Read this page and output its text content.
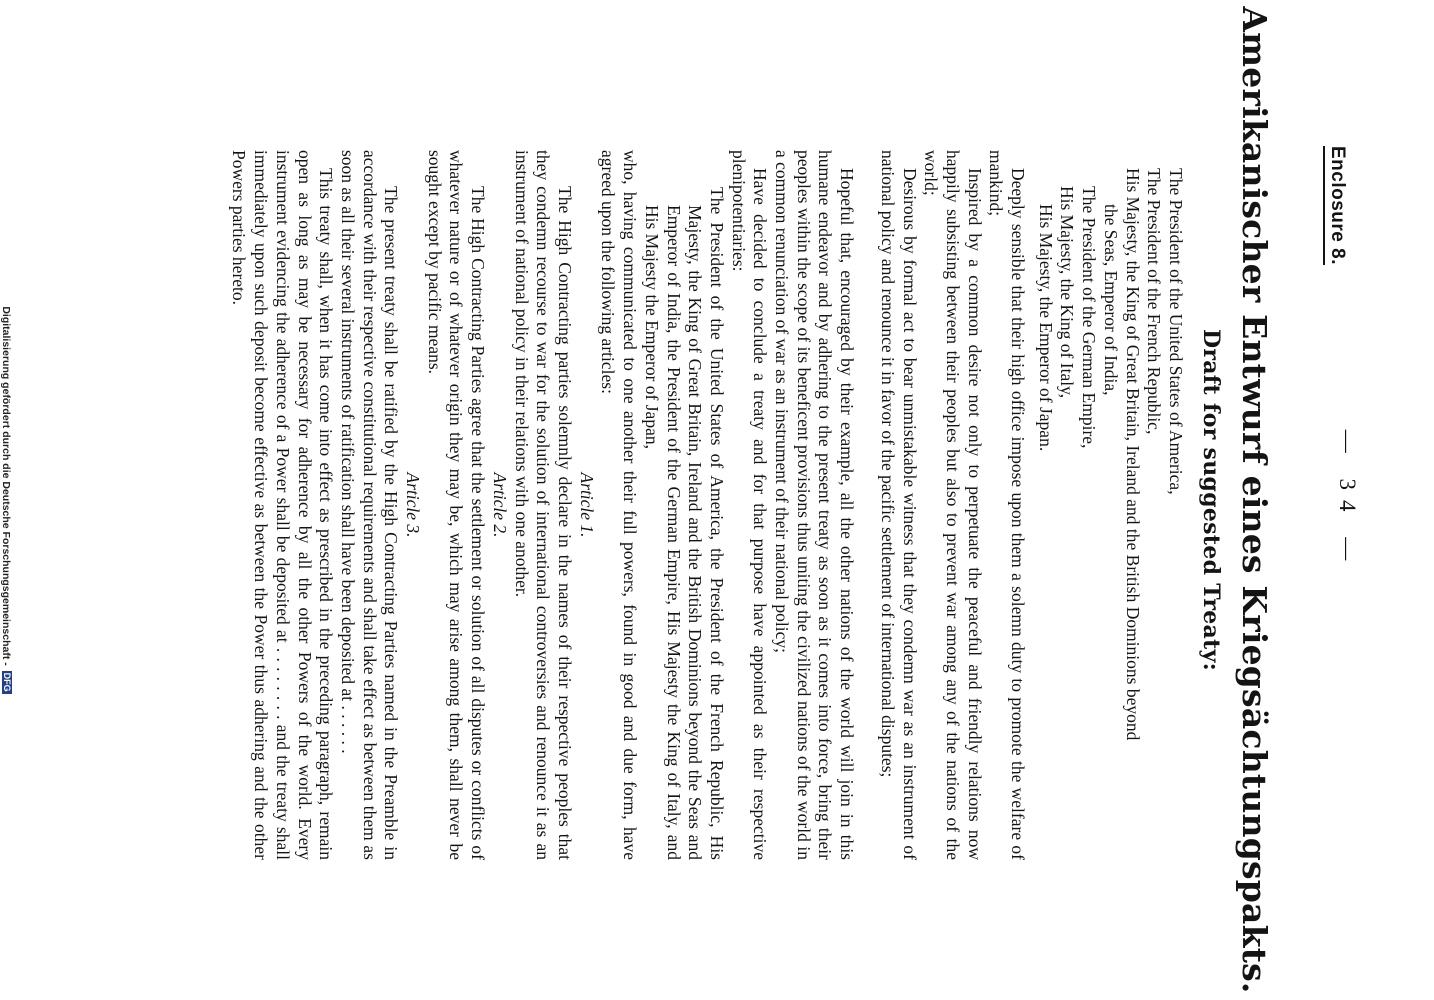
Enclosure 8.
— 34 —
Amerikanischer Entwurf eines Kriegsächtungspakts.
Draft for suggested Treaty:
The President of the United States of America,
The President of the French Republic,
His Majesty, the King of Great Britain, Ireland and the British Dominions beyond
the Seas, Emperor of India,
The President of the German Empire,
His Majesty, the King of Italy,
His Majesty, the Emperor of Japan.

Deeply sensible that their high office impose upon them a solemn duty to promote the welfare of mankind;

Inspired by a common desire not only to perpetuate the peaceful and friendly relations now happily subsisting between their peoples but also to prevent war among any of the nations of the world;

Desirous by formal act to bear unmistakable witness that they condemn war as an instrument of national policy and renounce it in favor of the pacific settlement of international disputes;

Hopeful that, encouraged by their example, all the other nations of the world will join in this humane endeavor and by adhering to the present treaty as soon as it comes into force, bring their peoples within the scope of its beneficent provisions thus uniting the civilized nations of the world in a common renunciation of war as an instrument of their national policy;

Have decided to conclude a treaty and for that purpose have appointed as their respective plenipotentiaries:

The President of the United States of America, the President of the French Republic, His Majesty, the King of Great Britain, Ireland and the British Dominions beyond the Seas and Emperor of India, the President of the German Empire, His Majesty the King of Italy, and His Majesty the Emperor of Japan,

who, having communicated to one another their full powers, found in good and due form, have agreed upon the following articles:

Article 1.

The High Contracting parties solemnly declare in the names of their respective peoples that they condemn recourse to war for the solution of international controversies and renounce it as an instrument of national policy in their relations with one another.

Article 2.

The High Contracting Parties agree that the settlement or solution of all disputes or conflicts of whatever nature or of whatever origin they may be, which may arise among them, shall never be sought except by pacific means.

Article 3.

The present treaty shall be ratified by the High Contracting Parties named in the Preamble in accordance with their respective constitutional requirements and shall take effect as between them as soon as all their several instruments of ratification shall have been deposited at . . . . . .

This treaty shall, when it has come into effect as prescribed in the preceding paragraph, remain open as long as may be necessary for adherence by all the other Powers of the world. Every instrument evidencing the adherence of a Power shall be deposited at . . . . . . . . and the treaty shall immediately upon such deposit become effective as between the Power thus adhering and the other Powers parties hereto.

Digitalisierung gefördert durch die Deutsche Forschungsgemeinschaft - DFG
